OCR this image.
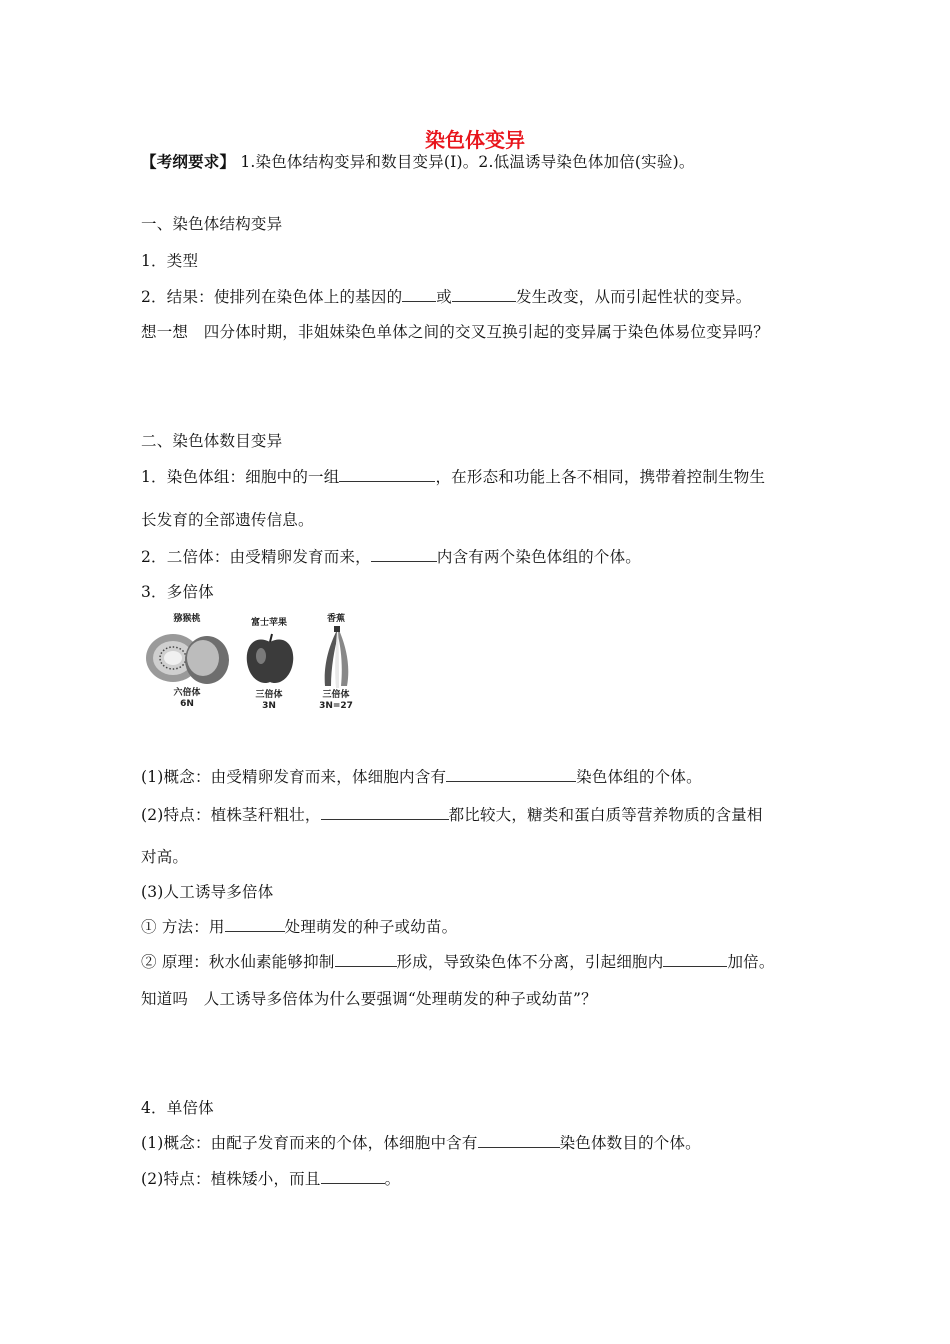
染色体变异
【考纲要求】 1.染色体结构变异和数目变异(Ⅰ)。2.低温诱导染色体加倍(实验)。
一、染色体结构变异
1．类型
2．结果：使排列在染色体上的基因的 或	发生改变，从而引起性状的变异。
想一想　四分体时期，非姐妹染色单体之间的交叉互换引起的变异属于染色体易位变异吗？
二、染色体数目变异
1．染色体组：细胞中的一组	，在形态和功能上各不相同，携带着控制生物生
长发育的全部遗传信息。
2．二倍体：由受精卵发育而来，	内含有两个染色体组的个体。
3．多倍体
猕猴桃
六倍体
6N
富士苹果
三倍体
3N
香蕉
三倍体
3N=27
(1)概念：由受精卵发育而来，体细胞内含有	染色体组的个体。
(2)特点：植株茎秆粗壮，	都比较大，糖类和蛋白质等营养物质的含量相
对高。
(3)人工诱导多倍体
① 方法：用	处理萌发的种子或幼苗。
② 原理：秋水仙素能够抑制	形成，导致染色体不分离，引起细胞内	加倍。
知道吗　人工诱导多倍体为什么要强调“处理萌发的种子或幼苗”？
4．单倍体
(1)概念：由配子发育而来的个体，体细胞中含有	染色体数目的个体。
(2)特点：植株矮小，而且	。
